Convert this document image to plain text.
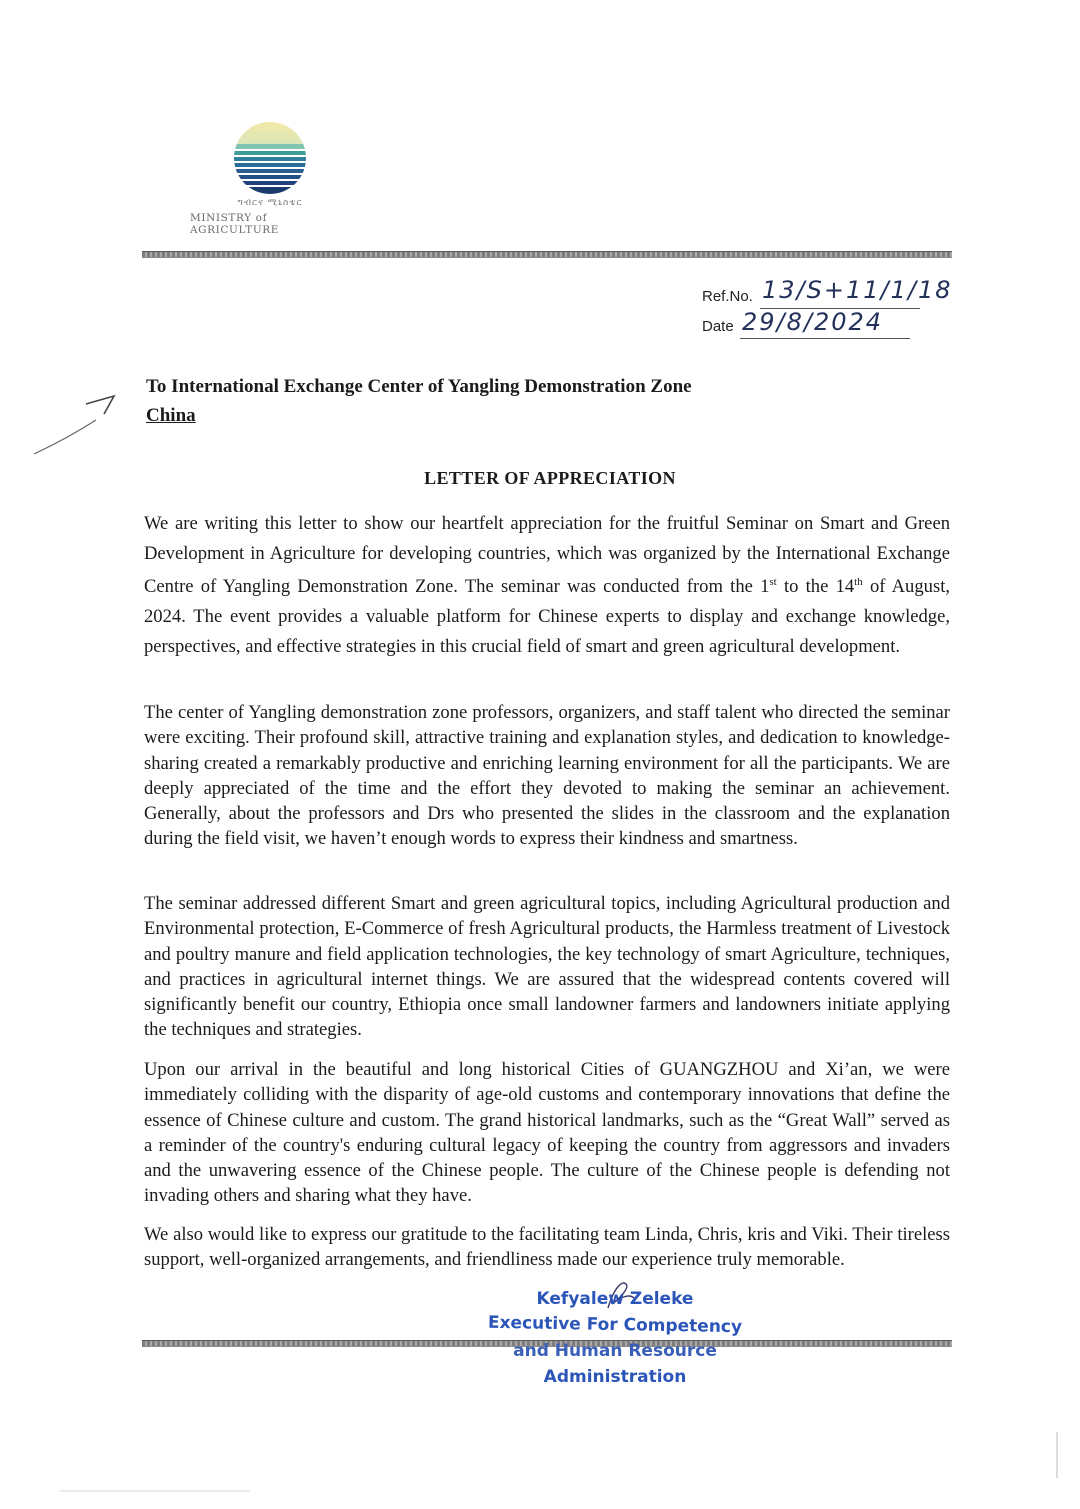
ግብርና ሚኒስቴር
MINISTRY of AGRICULTURE
Ref.No. 13/S+11/1/18
Date 29/8/2024
To International Exchange Center of Yangling Demonstration Zone
China
LETTER OF APPRECIATION

We are writing this letter to show our heartfelt appreciation for the fruitful Seminar on Smart and Green Development in Agriculture for developing countries, which was organized by the International Exchange Centre of Yangling Demonstration Zone. The seminar was conducted from the 1st to the 14th of August, 2024. The event provides a valuable platform for Chinese experts to display and exchange knowledge, perspectives, and effective strategies in this crucial field of smart and green agricultural development.

The center of Yangling demonstration zone professors, organizers, and staff talent who directed the seminar were exciting. Their profound skill, attractive training and explanation styles, and dedication to knowledge-sharing created a remarkably productive and enriching learning environment for all the participants. We are deeply appreciated of the time and the effort they devoted to making the seminar an achievement. Generally, about the professors and Drs who presented the slides in the classroom and the explanation during the field visit, we haven’t enough words to express their kindness and smartness.

The seminar addressed different Smart and green agricultural topics, including Agricultural production and Environmental protection, E-Commerce of fresh Agricultural products, the Harmless treatment of Livestock and poultry manure and field application technologies, the key technology of smart Agriculture, techniques, and practices in agricultural internet things. We are assured that the widespread contents covered will significantly benefit our country, Ethiopia once small landowner farmers and landowners initiate applying the techniques and strategies.

Upon our arrival in the beautiful and long historical Cities of GUANGZHOU and Xi’an, we were immediately colliding with the disparity of age-old customs and contemporary innovations that define the essence of Chinese culture and custom. The grand historical landmarks, such as the “Great Wall” served as a reminder of the country's enduring cultural legacy of keeping the country from aggressors and invaders and the unwavering essence of the Chinese people. The culture of the Chinese people is defending not invading others and sharing what they have.

We also would like to express our gratitude to the facilitating team Linda, Chris, kris and Viki. Their tireless support, well-organized arrangements, and friendliness made our experience truly memorable.

Kefyalew Zeleke
Executive For Competency
and Human Resource
Administration
